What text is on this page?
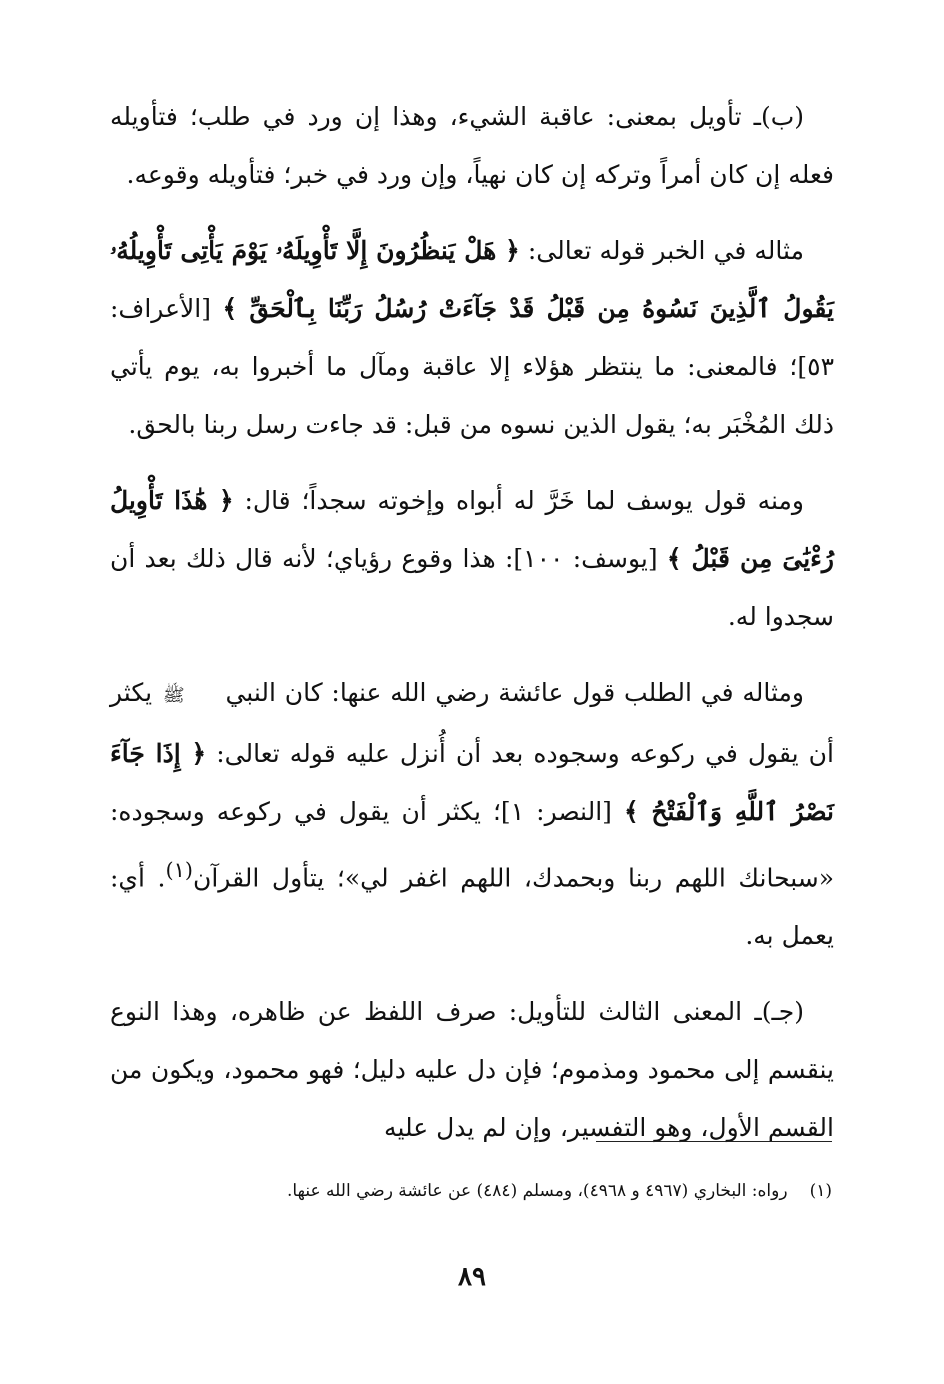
(ب)ـ تأويل بمعنى: عاقبة الشيء، وهذا إن ورد في طلب؛ فتأويله فعله إن كان أمراً وتركه إن كان نهياً، وإن ورد في خبر؛ فتأويله وقوعه.

مثاله في الخبر قوله تعالى: ﴿ هَلْ يَنظُرُونَ إِلَّا تَأْوِيلَهُۥ يَوْمَ يَأْتِى تَأْوِيلُهُۥ يَقُولُ ٱلَّذِينَ نَسُوهُ مِن قَبْلُ قَدْ جَآءَتْ رُسُلُ رَبِّنَا بِٱلْحَقِّ ﴾ [الأعراف: ٥٣]؛ فالمعنى: ما ينتظر هؤلاء إلا عاقبة ومآل ما أخبروا به، يوم يأتي ذلك المُخْبَر به؛ يقول الذين نسوه من قبل: قد جاءت رسل ربنا بالحق.

ومنه قول يوسف لما خَرَّ له أبواه وإخوته سجداً؛ قال: ﴿ هَٰذَا تَأْوِيلُ رُءْيَٰىَ مِن قَبْلُ ﴾ [يوسف: ١٠٠]: هذا وقوع رؤياي؛ لأنه قال ذلك بعد أن سجدوا له.

ومثاله في الطلب قول عائشة رضي الله عنها: كان النبي ﷺ يكثر أن يقول في ركوعه وسجوده بعد أن أُنزل عليه قوله تعالى: ﴿ إِذَا جَآءَ نَصْرُ ٱللَّهِ وَٱلْفَتْحُ ﴾ [النصر: ١]؛ يكثر أن يقول في ركوعه وسجوده: «سبحانك اللهم ربنا وبحمدك، اللهم اغفر لي»؛ يتأول القرآن$^{(١)}$. أي: يعمل به.

(جـ)ـ المعنى الثالث للتأويل: صرف اللفظ عن ظاهره، وهذا النوع ينقسم إلى محمود ومذموم؛ فإن دل عليه دليل؛ فهو محمود، ويكون من القسم الأول، وهو التفسير، وإن لم يدل عليه

(١)رواه: البخاري (٤٩٦٧ و ٤٩٦٨)، ومسلم (٤٨٤) عن عائشة رضي الله عنها.
٨٩
